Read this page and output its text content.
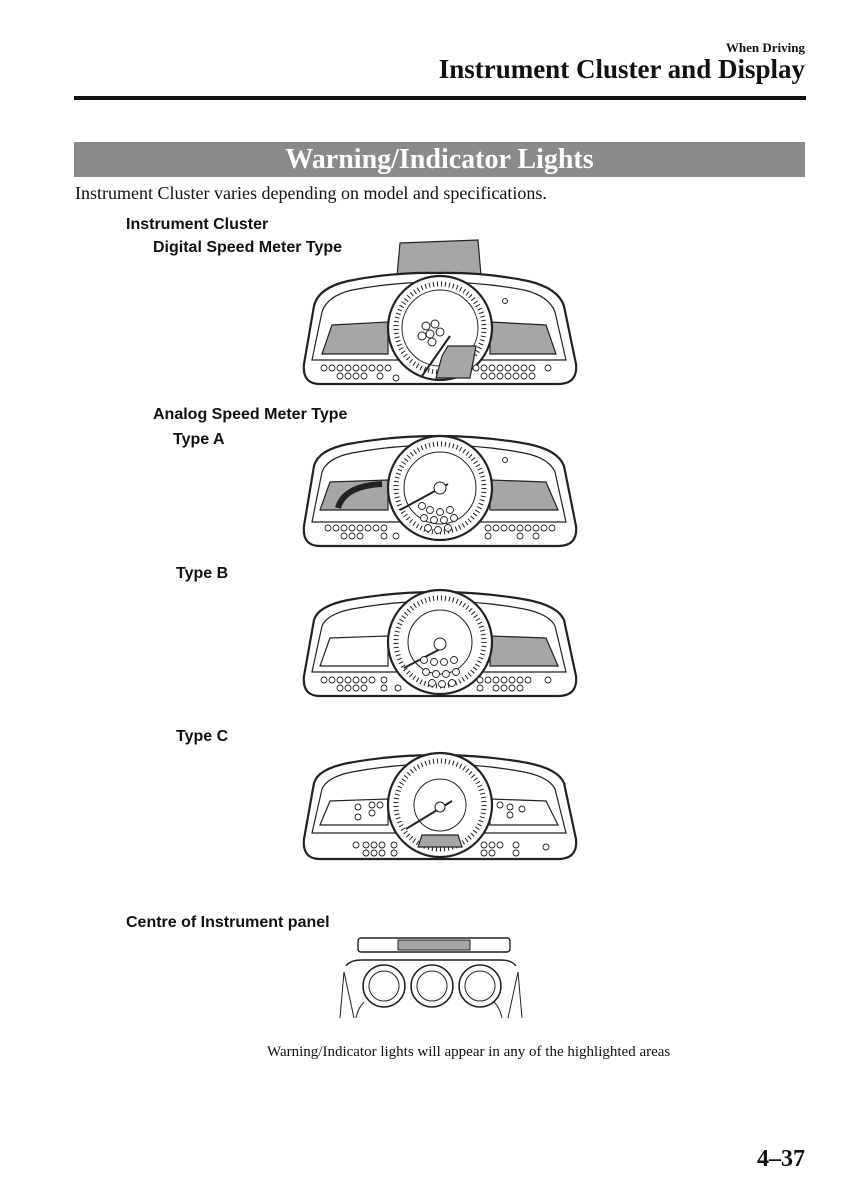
When Driving
Instrument Cluster and Display
Warning/Indicator Lights
Instrument Cluster varies depending on model and specifications.
Instrument Cluster
Digital Speed Meter Type
Analog Speed Meter Type
Type A
Type B
Type C
Centre of Instrument panel
Warning/Indicator lights will appear in any of the highlighted areas
4–37
